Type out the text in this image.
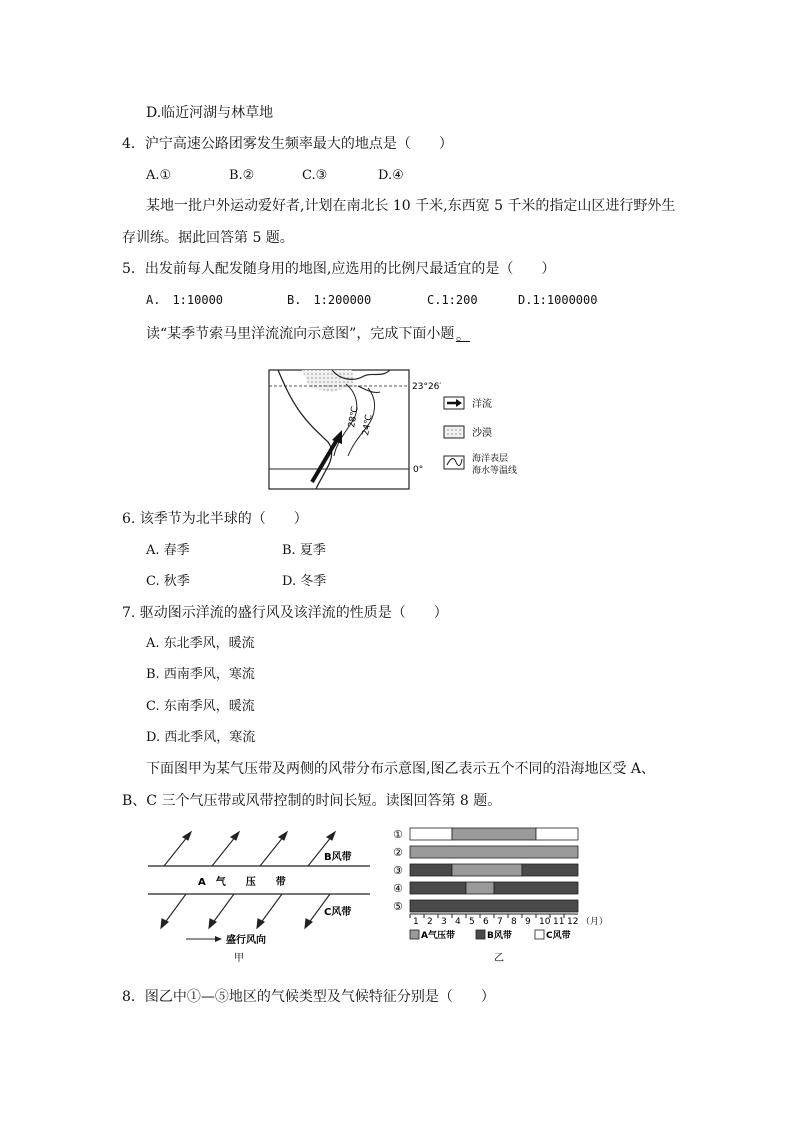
D.临近河湖与林草地
4．沪宁高速公路团雾发生频率最大的地点是（　　）
A.①	B.②	C.③	D.④
某地一批户外运动爱好者,计划在南北长 10 千米,东西宽 5 千米的指定山区进行野外生
存训练。据此回答第 5 题。
5．出发前每人配发随身用的地图,应选用的比例尺最适宜的是（　　）
A.　1:10000	B.　1:200000	C.1:200	D.1:1000000
读“某季节索马里洋流流向示意图”，完成下面小题 。
28℃ 24℃
23°26′
0°
洋流
沙漠
海洋表层
海水等温线
6. 该季节为北半球的（　　）
A. 春季	B. 夏季
C. 秋季	D. 冬季
7. 驱动图示洋流的盛行风及该洋流的性质是（　　）
A. 东北季风，暖流
B. 西南季风，寒流
C. 东南季风，暖流
D. 西北季风，寒流
下面图甲为某气压带及两侧的风带分布示意图,图乙表示五个不同的沿海地区受 A、
B、C 三个气压带或风带控制的时间长短。读图回答第 8 题。
B风带
A　气　　压　　带
C风带
盛行风向
甲
①
②
③
④
⑤
1 2 3 4 5 6 7 8 9 10 11 12 （月）
A气压带	B风带	C风带
乙
8．图乙中①—⑤地区的气候类型及气候特征分别是（　　）
